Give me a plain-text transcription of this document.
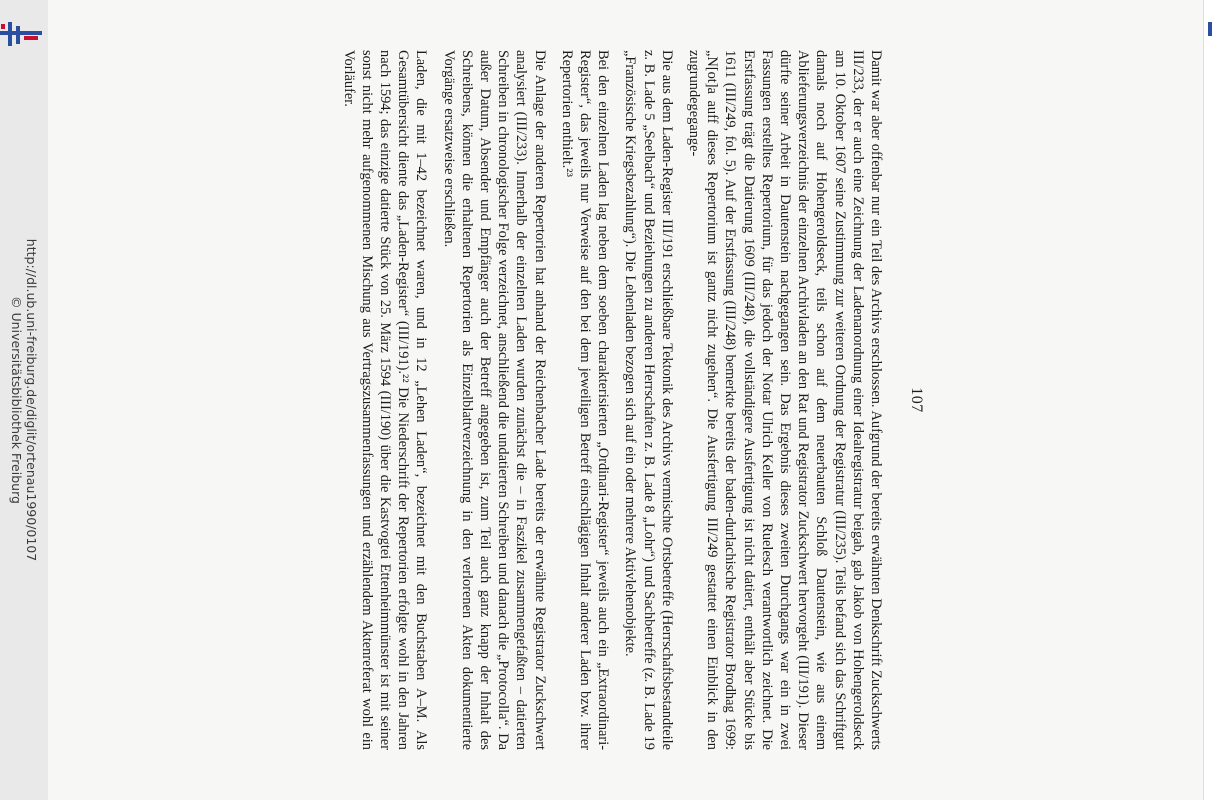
http://dl.ub.uni-freiburg.de/diglit/ortenau1990/0107
© Universitätsbibliothek Freiburg	107

Damit war aber offenbar nur ein Teil des Archivs erschlossen. Aufgrund der bereits erwähnten Denkschrift Zuckschwerts III/233, der er auch eine Zeichnung der Ladenanordnung einer Idealregistratur beigab, gab Jakob von Hohengeroldseck am 10. Oktober 1607 seine Zustimmung zur weiteren Ordnung der Registratur (III/235). Teils befand sich das Schriftgut damals noch auf Hohengeroldseck, teils schon auf dem neuerbauten Schloß Dautenstein, wie aus einem Ablieferungsverzeichnis der einzelnen Archivladen an den Rat und Registrator Zuckschwert hervorgeht (III/191). Dieser dürfte seiner Arbeit in Dautenstein nachgegangen sein. Das Ergebnis dieses zweiten Durchgangs war ein in zwei Fassungen erstelltes Repertorium, für das jedoch der Notar Ulrich Keller von Ruelesch verantwortlich zeichnet. Die Erstfassung trägt die Datierung 1609 (III/248), die vollständigere Ausfertigung ist nicht datiert, enthält aber Stücke bis 1611 (III/249, fol. 5). Auf der Erstfassung (III/248) bemerkte bereits der baden-durlachische Registrator Brodhag 1699: „N[ot]a auff dieses Repertorium ist gantz nicht zugehen“. Die Ausfertigung III/249 gestattet einen Einblick in den zugrundegegange-

Die aus dem Laden-Register III/191 erschließbare Tektonik des Archivs vermischte Ortsbetreffe (Herrschaftsbestandteile z. B. Lade 5 „Seelbach“ und Beziehungen zu anderen Herrschaften z. B. Lade 8 „Lohr“) und Sachbetreffe (z. B. Lade 19 „Französische Kriegsbezahlung“). Die Lehenladen bezogen sich auf ein oder mehrere Aktivlehenobjekte.

Bei den einzelnen Laden lag neben dem soeben charakterisierten „Ordinari-Register“ jeweils auch ein „Extraordinari-Register“, das jeweils nur Verweise auf den bei dem jeweiligen Betreff einschlägigen Inhalt anderer Laden bzw. ihrer Repertorien enthielt.²³

Die Anlage der anderen Repertorien hat anhand der Reichenbacher Lade bereits der erwähnte Registrator Zuckschwert analysiert (III/233). Innerhalb der einzelnen Laden wurden zunächst die – in Faszikel zusammengefaßten – datierten Schreiben in chronologischer Folge verzeichnet, anschließend die undatierten Schreiben und danach die „Protocolla“. Da außer Datum, Absender und Empfänger auch der Betreff angegeben ist, zum Teil auch ganz knapp der Inhalt des Schreibens, können die erhaltenen Repertorien als Einzelblattverzeichnung in den verlorenen Akten dokumentierte Vorgänge ersatzweise erschließen.

Laden, die mit 1–42 bezeichnet waren, und in 12 „Lehen Laden“, bezeichnet mit den Buchstaben A–M. Als Gesamtübersicht diente das „Laden-Register“ (III/191).²² Die Niederschrift der Repertorien erfolgte wohl in den Jahren nach 1594; das einzige datierte Stück von 25. März 1594 (III/190) über die Kastvogtei Ettenheimmünster ist mit seiner sonst nicht mehr aufgenommenen Mischung aus Vertragszusammenfassungen und erzählendem Aktenreferat wohl ein Vorläufer.
